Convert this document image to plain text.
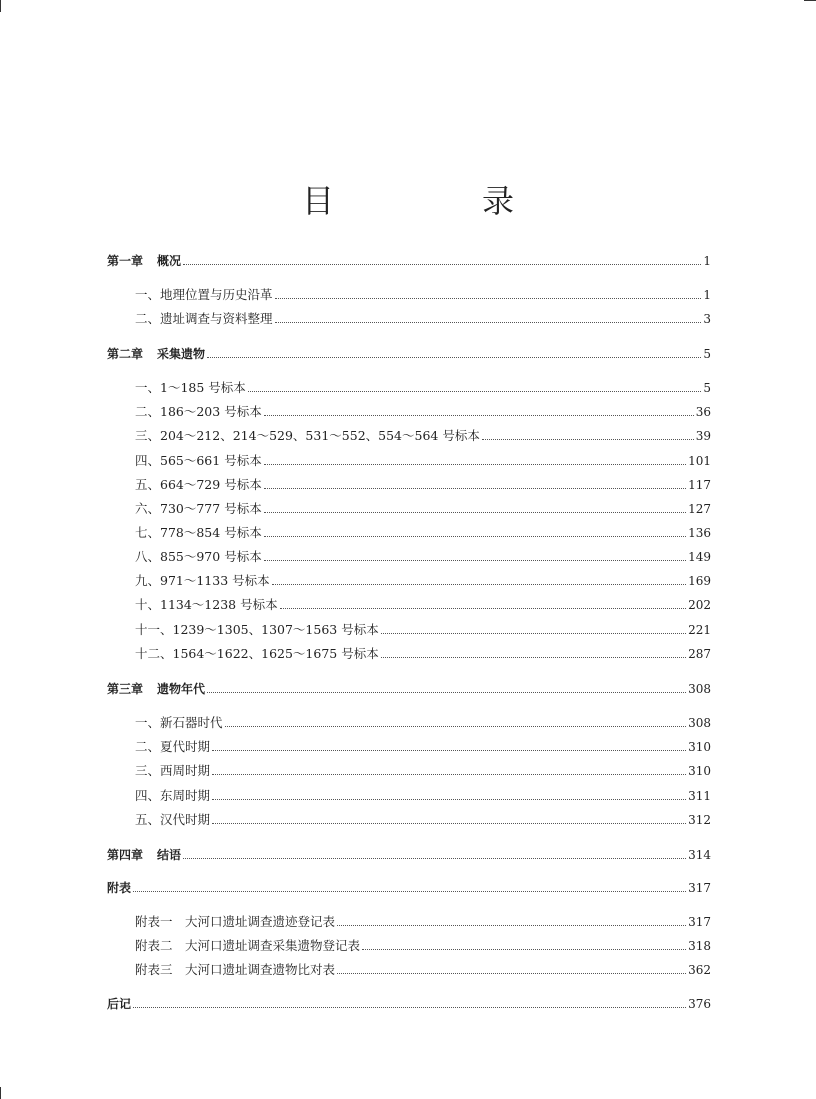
目　录
第一章 概况	1
一、地理位置与历史沿革	1
二、遗址调查与资料整理	3
第二章 采集遗物	5
一、1～185 号标本	5
二、186～203 号标本	36
三、204～212、214～529、531～552、554～564 号标本	39
四、565～661 号标本	101
五、664～729 号标本	117
六、730～777 号标本	127
七、778～854 号标本	136
八、855～970 号标本	149
九、971～1133 号标本	169
十、1134～1238 号标本	202
十一、1239～1305、1307～1563 号标本	221
十二、1564～1622、1625～1675 号标本	287
第三章 遗物年代	308
一、新石器时代	308
二、夏代时期	310
三、西周时期	310
四、东周时期	311
五、汉代时期	312
第四章 结语	314
附表	317
附表一　大河口遗址调查遗迹登记表	317
附表二　大河口遗址调查采集遗物登记表	318
附表三　大河口遗址调查遗物比对表	362
后记	376
